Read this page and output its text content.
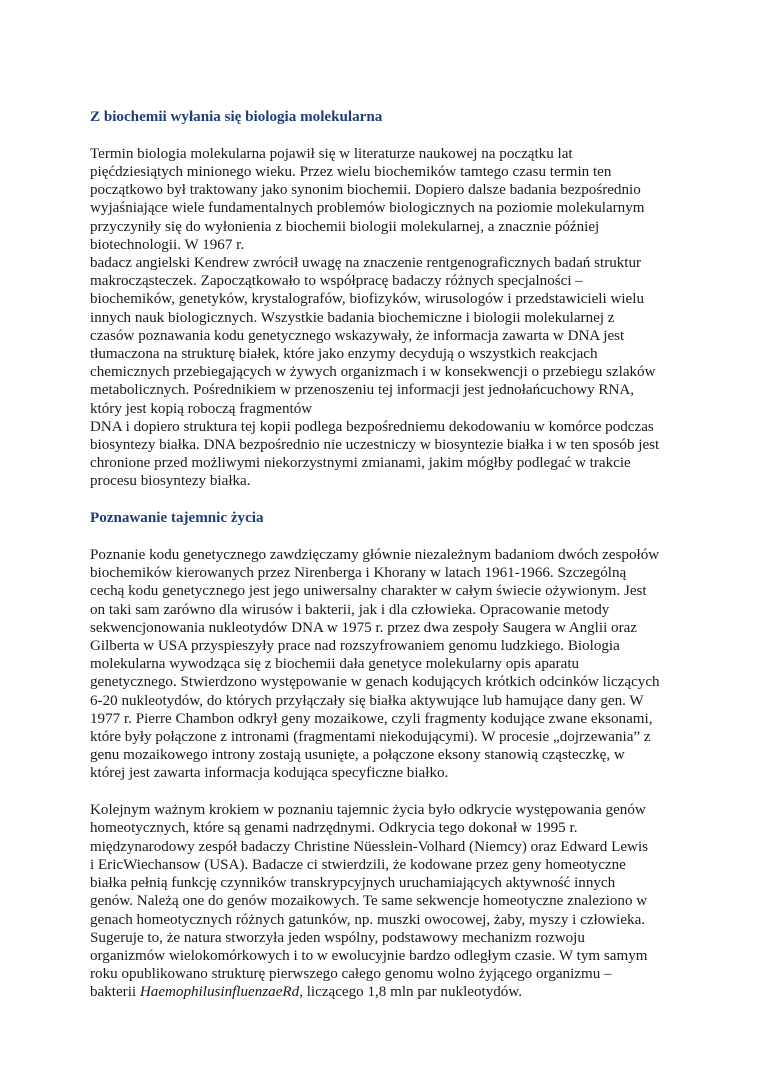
Z biochemii wyłania się biologia molekularna
Termin biologia molekularna pojawił się w literaturze naukowej na początku lat
pięćdziesiątych minionego wieku. Przez wielu biochemików tamtego czasu termin ten
początkowo był traktowany jako synonim biochemii. Dopiero dalsze badania bezpośrednio
wyjaśniające wiele fundamentalnych problemów biologicznych na poziomie molekularnym
przyczyniły się do wyłonienia z biochemii biologii molekularnej, a znacznie później
biotechnologii. W 1967 r.
badacz angielski Kendrew zwrócił uwagę na znaczenie rentgenograficznych badań struktur
makrocząsteczek. Zapoczątkowało to współpracę badaczy różnych specjalności –
biochemików, genetyków, krystalografów, biofizyków, wirusologów i przedstawicieli wielu
innych nauk biologicznych. Wszystkie badania biochemiczne i biologii molekularnej z
czasów poznawania kodu genetycznego wskazywały, że informacja zawarta w DNA jest
tłumaczona na strukturę białek, które jako enzymy decydują o wszystkich reakcjach
chemicznych przebiegających w żywych organizmach i w konsekwencji o przebiegu szlaków
metabolicznych. Pośrednikiem w przenoszeniu tej informacji jest jednołańcuchowy RNA,
który jest kopią roboczą fragmentów
DNA i dopiero struktura tej kopii podlega bezpośredniemu dekodowaniu w komórce podczas
biosyntezy białka. DNA bezpośrednio nie uczestniczy w biosyntezie białka i w ten sposób jest
chronione przed możliwymi niekorzystnymi zmianami, jakim mógłby podlegać w trakcie
procesu biosyntezy białka.
Poznawanie tajemnic życia
Poznanie kodu genetycznego zawdzięczamy głównie niezależnym badaniom dwóch zespołów
biochemików kierowanych przez Nirenberga i Khorany w latach 1961-1966. Szczególną
cechą kodu genetycznego jest jego uniwersalny charakter w całym świecie ożywionym. Jest
on taki sam zarówno dla wirusów i bakterii, jak i dla człowieka. Opracowanie metody
sekwencjonowania nukleotydów DNA w 1975 r. przez dwa zespoły Saugera w Anglii oraz
Gilberta w USA przyspieszyły prace nad rozszyfrowaniem genomu ludzkiego. Biologia
molekularna wywodząca się z biochemii dała genetyce molekularny opis aparatu
genetycznego. Stwierdzono występowanie w genach kodujących krótkich odcinków liczących
6-20 nukleotydów, do których przyłączały się białka aktywujące lub hamujące dany gen. W
1977 r. Pierre Chambon odkrył geny mozaikowe, czyli fragmenty kodujące zwane eksonami,
które były połączone z intronami (fragmentami niekodującymi). W procesie „dojrzewania” z
genu mozaikowego introny zostają usunięte, a połączone eksony stanowią cząsteczkę, w
której jest zawarta informacja kodująca specyficzne białko.
Kolejnym ważnym krokiem w poznaniu tajemnic życia było odkrycie występowania genów
homeotycznych, które są genami nadrzędnymi. Odkrycia tego dokonał w 1995 r.
międzynarodowy zespół badaczy Christine Nüesslein-Volhard (Niemcy) oraz Edward Lewis
i EricWiechansow (USA). Badacze ci stwierdzili, że kodowane przez geny homeotyczne
białka pełnią funkcję czynników transkrypcyjnych uruchamiających aktywność innych
genów. Należą one do genów mozaikowych. Te same sekwencje homeotyczne znaleziono w
genach homeotycznych różnych gatunków, np. muszki owocowej, żaby, myszy i człowieka.
Sugeruje to, że natura stworzyła jeden wspólny, podstawowy mechanizm rozwoju
organizmów wielokomórkowych i to w ewolucyjnie bardzo odległym czasie. W tym samym
roku opublikowano strukturę pierwszego całego genomu wolno żyjącego organizmu –
bakterii HaemophilusinfluenzaeRd, liczącego 1,8 mln par nukleotydów.
